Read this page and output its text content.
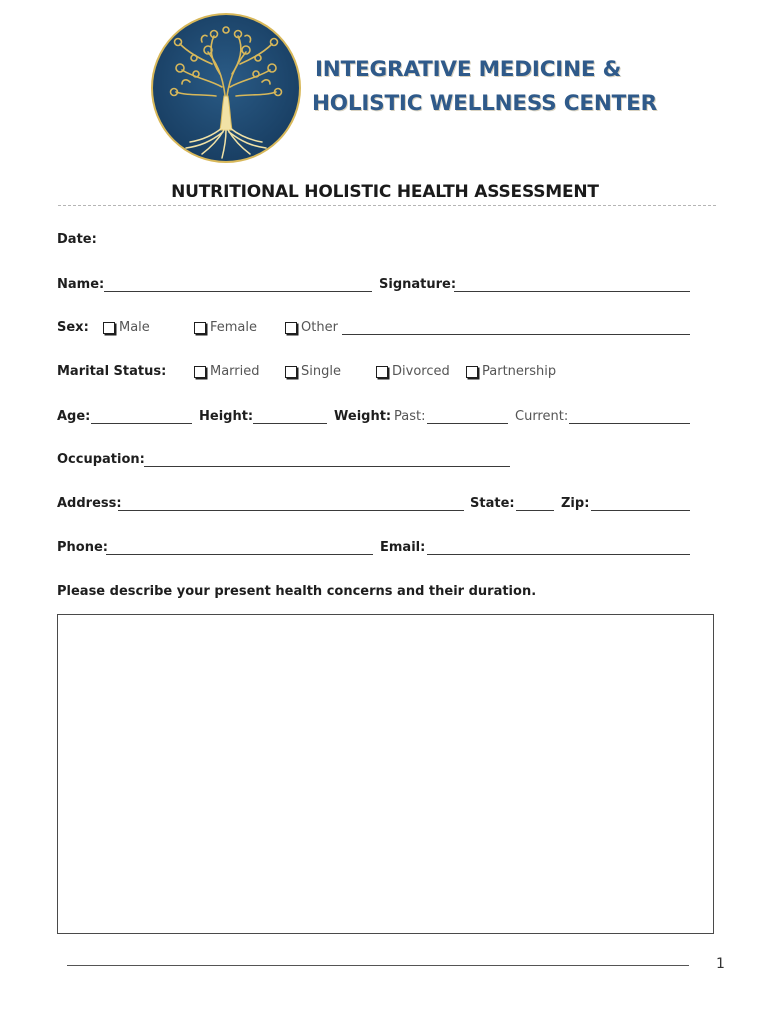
INTEGRATIVE MEDICINE &
HOLISTIC WELLNESS CENTER
NUTRITIONAL HOLISTIC HEALTH ASSESSMENT
Date:
Name:	Signature:
Sex: Male	Female	Other
Marital Status:	Married	Single	Divorced Partnership
Age:	Height:	Weight: Past:	Current:
Occupation:
Address:	State:	Zip:
Phone:	Email:
Please describe your present health concerns and their duration.
1
